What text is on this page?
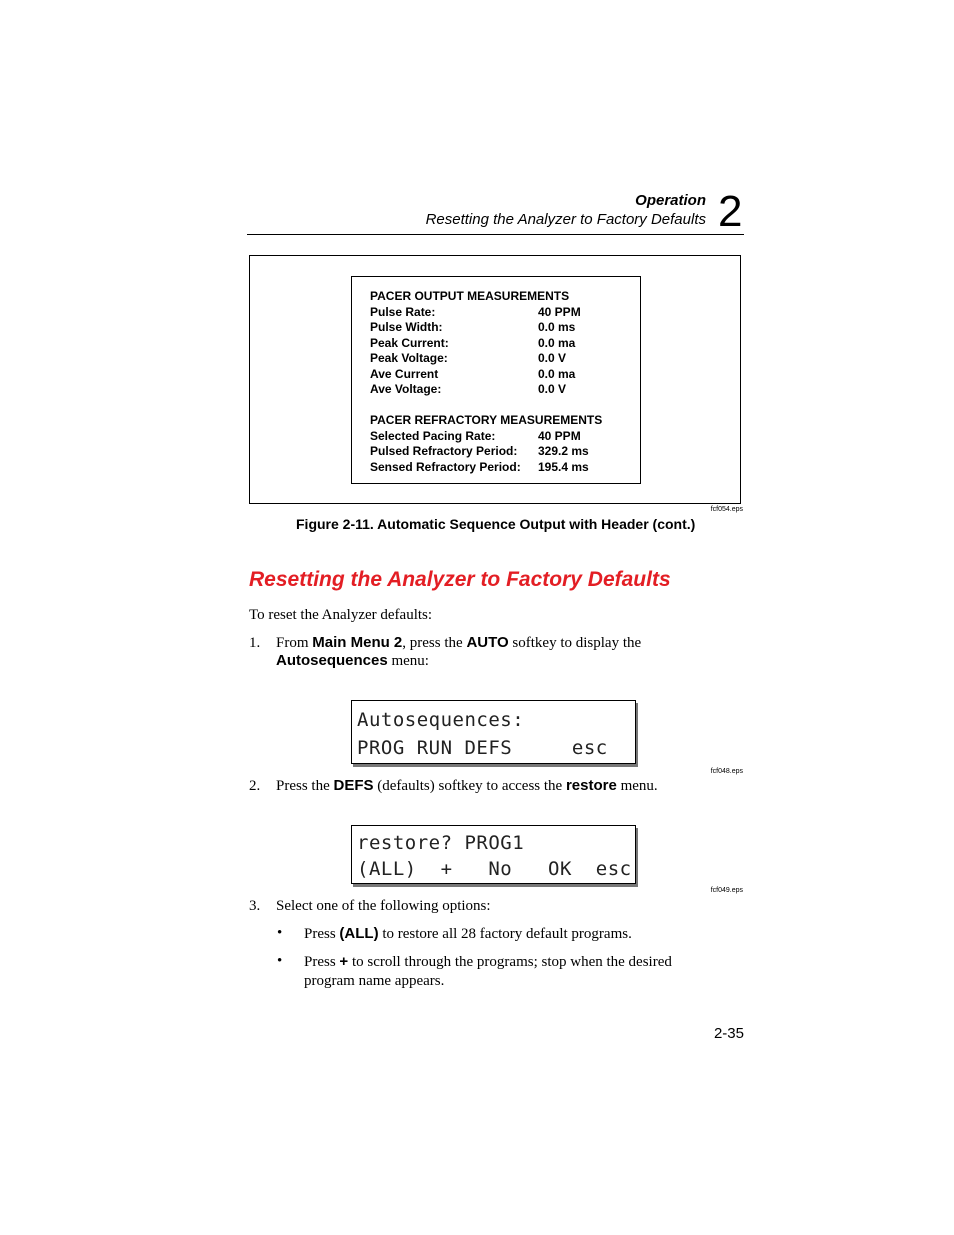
Operation
Resetting the Analyzer to Factory Defaults 2
PACER OUTPUT MEASUREMENTS
Pulse Rate:	40 PPM
Pulse Width:	0.0 ms
Peak Current:	0.0 ma
Peak Voltage:	0.0 V
Ave Current	0.0 ma
Ave Voltage:	0.0 V
PACER REFRACTORY MEASUREMENTS
Selected Pacing Rate:	40 PPM
Pulsed Refractory Period: 329.2 ms
Sensed Refractory Period: 195.4 ms
fcf054.eps
Figure 2-11. Automatic Sequence Output with Header (cont.)
Resetting the Analyzer to Factory Defaults
To reset the Analyzer defaults:
1. From Main Menu 2, press the AUTO softkey to display the
Autosequences menu:
Autosequences:
PROG RUN DEFS     esc
fcf048.eps
2. Press the DEFS (defaults) softkey to access the restore menu.
restore? PROG1
(ALL)  +   No   OK  esc
fcf049.eps
3. Select one of the following options:
• Press (ALL) to restore all 28 factory default programs.
• Press + to scroll through the programs; stop when the desired
program name appears.
2-35
